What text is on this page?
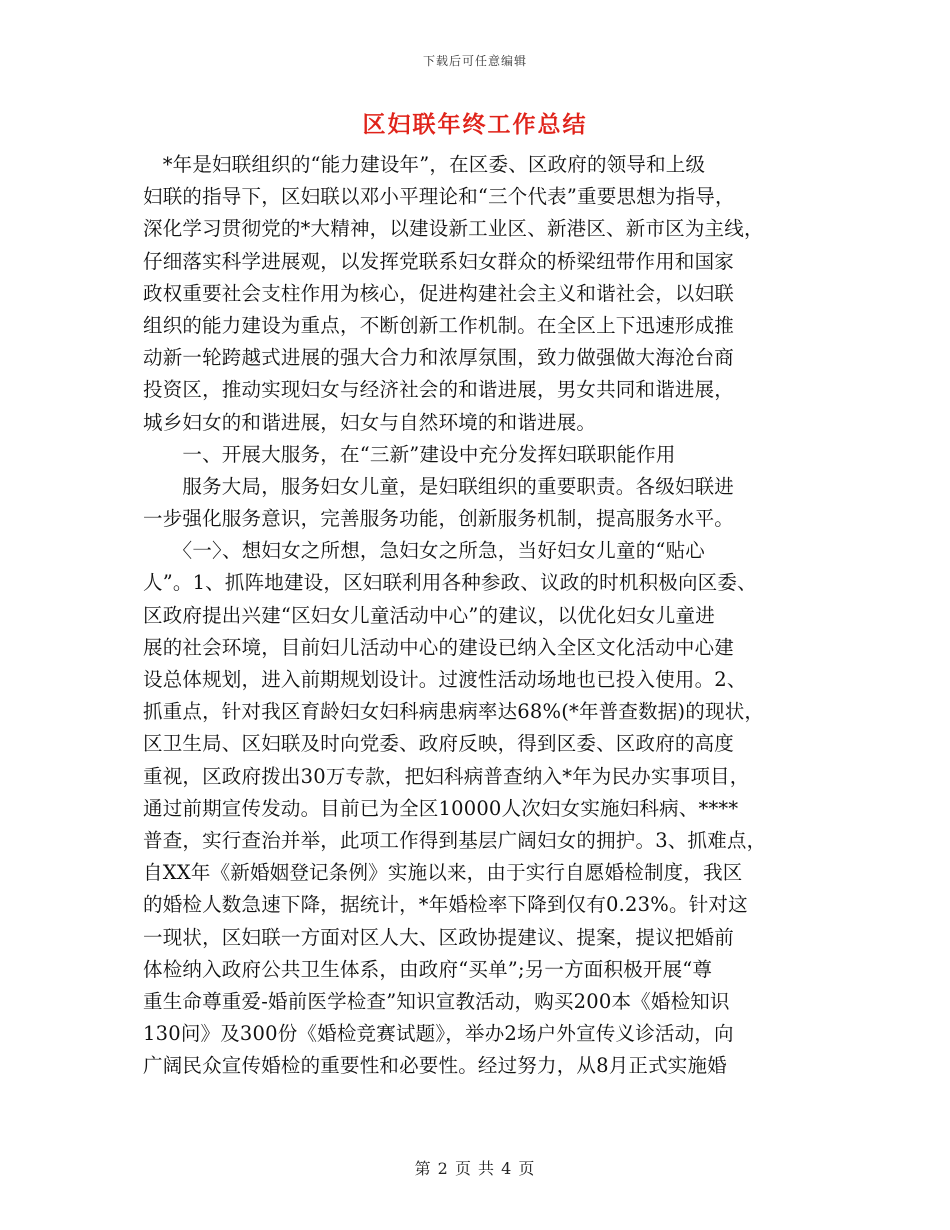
下载后可任意编辑
区妇联年终工作总结
　*年是妇联组织的“能力建设年”，在区委、区政府的领导和上级
妇联的指导下，区妇联以邓小平理论和“三个代表”重要思想为指导，
深化学习贯彻党的*大精神，以建设新工业区、新港区、新市区为主线，
仔细落实科学进展观，以发挥党联系妇女群众的桥梁纽带作用和国家
政权重要社会支柱作用为核心，促进构建社会主义和谐社会，以妇联
组织的能力建设为重点，不断创新工作机制。在全区上下迅速形成推
动新一轮跨越式进展的强大合力和浓厚氛围，致力做强做大海沧台商
投资区，推动实现妇女与经济社会的和谐进展，男女共同和谐进展，
城乡妇女的和谐进展，妇女与自然环境的和谐进展。
　　一、开展大服务，在“三新”建设中充分发挥妇联职能作用
　　服务大局，服务妇女儿童，是妇联组织的重要职责。各级妇联进
一步强化服务意识，完善服务功能，创新服务机制，提高服务水平。
　　〈一〉、想妇女之所想，急妇女之所急，当好妇女儿童的“贴心
人”。1、抓阵地建设，区妇联利用各种参政、议政的时机积极向区委、
区政府提出兴建“区妇女儿童活动中心”的建议，以优化妇女儿童进
展的社会环境，目前妇儿活动中心的建设已纳入全区文化活动中心建
设总体规划，进入前期规划设计。过渡性活动场地也已投入使用。2、
抓重点，针对我区育龄妇女妇科病患病率达68%(*年普查数据)的现状，
区卫生局、区妇联及时向党委、政府反映，得到区委、区政府的高度
重视，区政府拨出30万专款，把妇科病普查纳入*年为民办实事项目，
通过前期宣传发动。目前已为全区10000人次妇女实施妇科病、****
普查，实行查治并举，此项工作得到基层广阔妇女的拥护。3、抓难点，
自XX年《新婚姻登记条例》实施以来，由于实行自愿婚检制度，我区
的婚检人数急速下降，据统计，*年婚检率下降到仅有0.23%。针对这
一现状，区妇联一方面对区人大、区政协提建议、提案，提议把婚前
体检纳入政府公共卫生体系，由政府“买单”;另一方面积极开展“尊
重生命尊重爱-婚前医学检查”知识宣教活动，购买200本《婚检知识
130问》及300份《婚检竞赛试题》，举办2场户外宣传义诊活动，向
广阔民众宣传婚检的重要性和必要性。经过努力，从8月正式实施婚
第 2 页 共 4 页
